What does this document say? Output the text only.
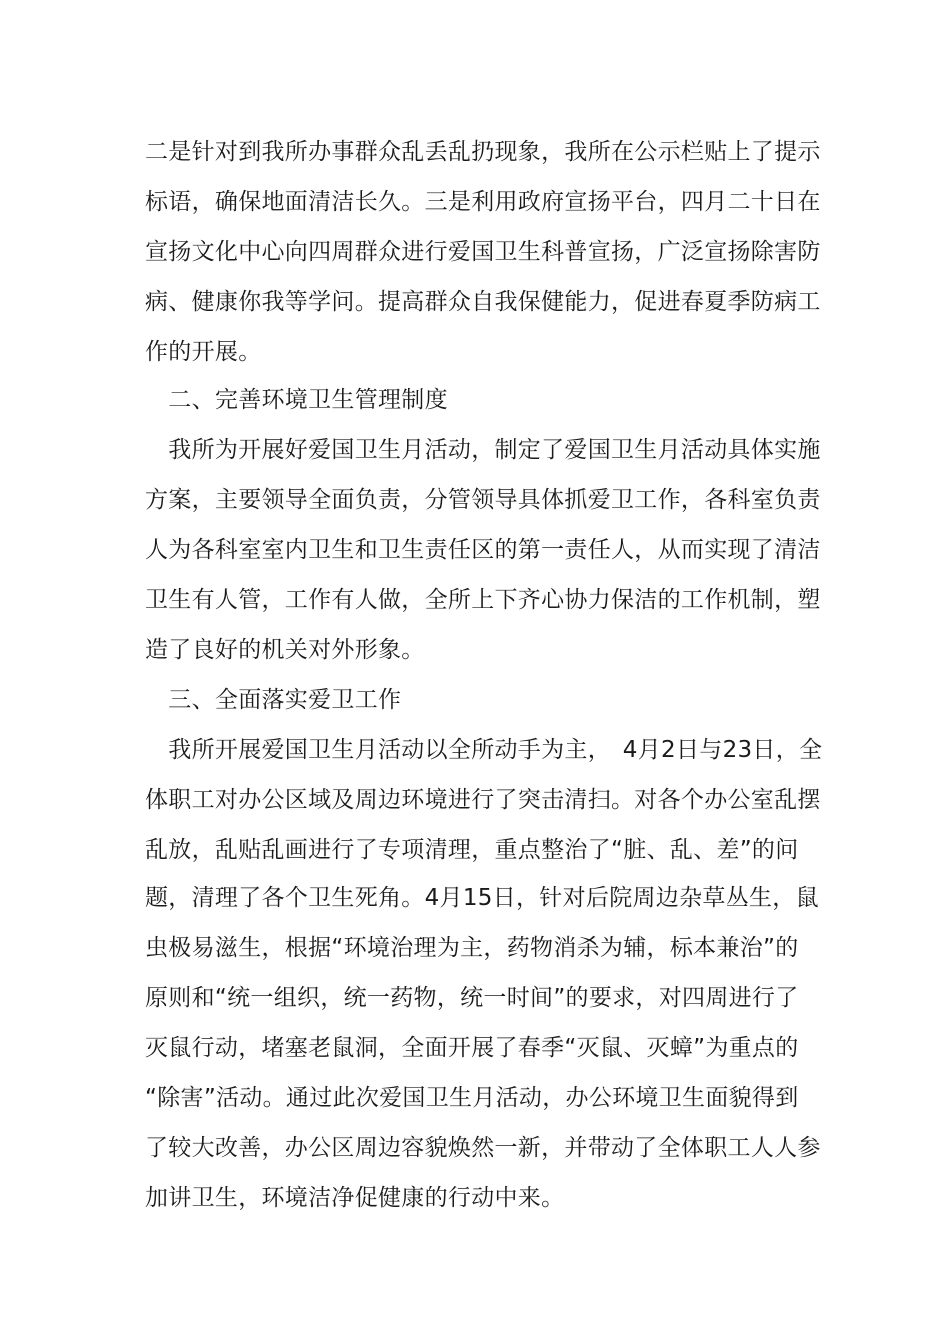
二是针对到我所办事群众乱丢乱扔现象，我所在公示栏贴上了提示
标语，确保地面清洁长久。三是利用政府宣扬平台，四月二十日在
宣扬文化中心向四周群众进行爱国卫生科普宣扬，广泛宣扬除害防
病、健康你我等学问。提高群众自我保健能力，促进春夏季防病工
作的开展。
　二、完善环境卫生管理制度
　我所为开展好爱国卫生月活动，制定了爱国卫生月活动具体实施
方案，主要领导全面负责，分管领导具体抓爱卫工作，各科室负责
人为各科室室内卫生和卫生责任区的第一责任人，从而实现了清洁
卫生有人管，工作有人做，全所上下齐心协力保洁的工作机制，塑
造了良好的机关对外形象。
　三、全面落实爱卫工作
　我所开展爱国卫生月活动以全所动手为主，　4月2日与23日，全
体职工对办公区域及周边环境进行了突击清扫。对各个办公室乱摆
乱放，乱贴乱画进行了专项清理，重点整治了“脏、乱、差”的问
题，清理了各个卫生死角。4月15日，针对后院周边杂草丛生，鼠
虫极易滋生，根据“环境治理为主，药物消杀为辅，标本兼治”的
原则和“统一组织，统一药物，统一时间”的要求，对四周进行了
灭鼠行动，堵塞老鼠洞，全面开展了春季“灭鼠、灭蟑”为重点的
“除害”活动。通过此次爱国卫生月活动，办公环境卫生面貌得到
了较大改善，办公区周边容貌焕然一新，并带动了全体职工人人参
加讲卫生，环境洁净促健康的行动中来。
